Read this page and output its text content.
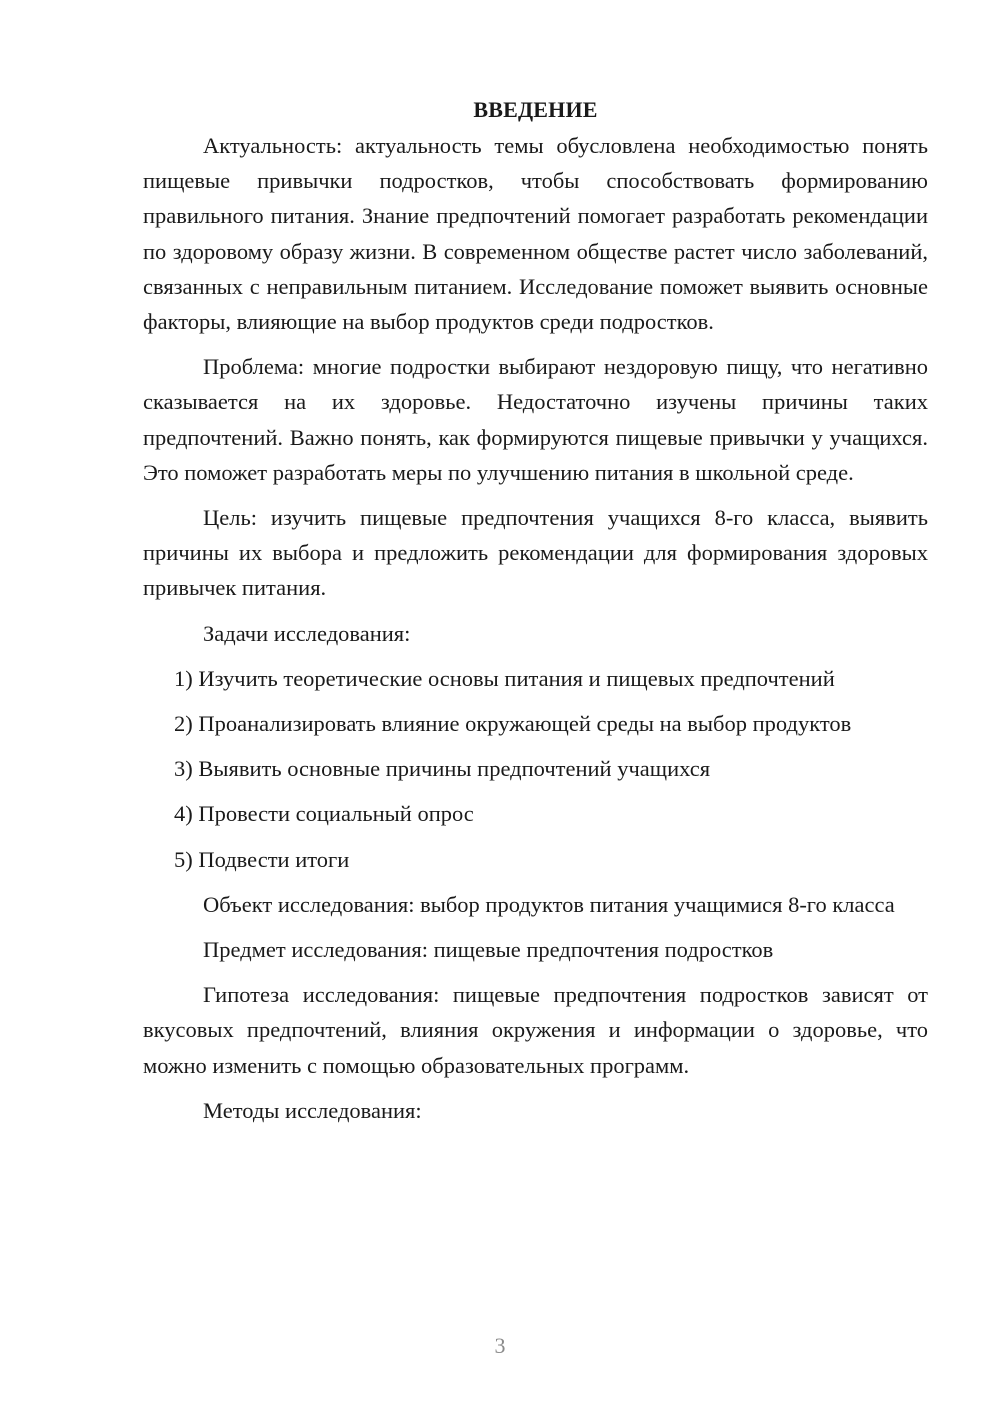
ВВЕДЕНИЕ

Актуальность: актуальность темы обусловлена необходимостью понять пищевые привычки подростков, чтобы способствовать формированию правильного питания. Знание предпочтений помогает разработать рекомендации по здоровому образу жизни. В современном обществе растет число заболеваний, связанных с неправильным питанием. Исследование поможет выявить основные факторы, влияющие на выбор продуктов среди подростков.

Проблема: многие подростки выбирают нездоровую пищу, что негативно сказывается на их здоровье. Недостаточно изучены причины таких предпочтений. Важно понять, как формируются пищевые привычки у учащихся. Это поможет разработать меры по улучшению питания в школьной среде.

Цель: изучить пищевые предпочтения учащихся 8-го класса, выявить причины их выбора и предложить рекомендации для формирования здоровых привычек питания.

Задачи исследования:

1) Изучить теоретические основы питания и пищевых предпочтений

2) Проанализировать влияние окружающей среды на выбор продуктов

3) Выявить основные причины предпочтений учащихся

4) Провести социальный опрос

5) Подвести итоги

Объект исследования: выбор продуктов питания учащимися 8-го класса

Предмет исследования: пищевые предпочтения подростков

Гипотеза исследования: пищевые предпочтения подростков зависят от вкусовых предпочтений, влияния окружения и информации о здоровье, что можно изменить с помощью образовательных программ.

Методы исследования:

3
